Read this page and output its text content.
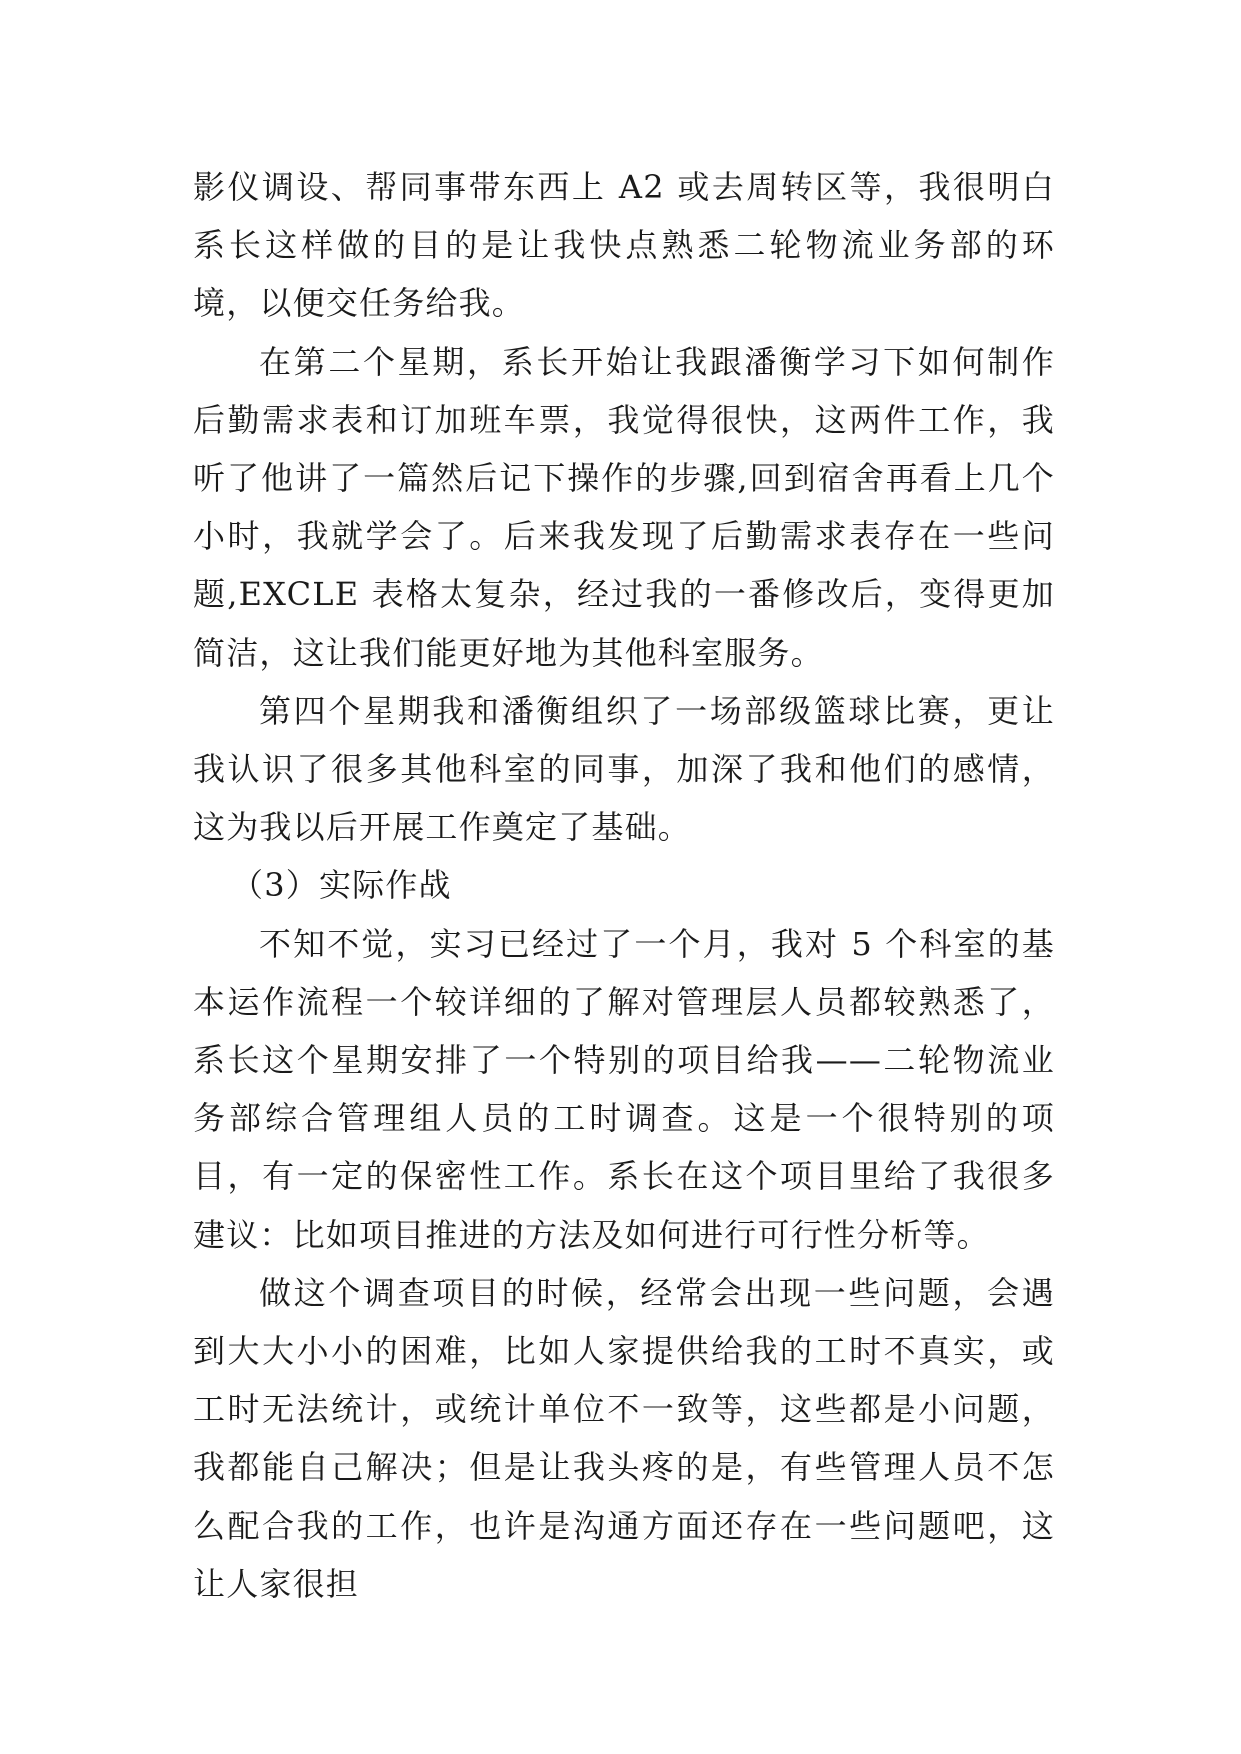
影仪调设、帮同事带东西上 A2 或去周转区等，我很明白系长这样做的目的是让我快点熟悉二轮物流业务部的环境，以便交任务给我。

在第二个星期，系长开始让我跟潘衡学习下如何制作后勤需求表和订加班车票，我觉得很快，这两件工作，我听了他讲了一篇然后记下操作的步骤,回到宿舍再看上几个小时，我就学会了。后来我发现了后勤需求表存在一些问题,EXCLE 表格太复杂，经过我的一番修改后，变得更加简洁，这让我们能更好地为其他科室服务。

第四个星期我和潘衡组织了一场部级篮球比赛，更让我认识了很多其他科室的同事，加深了我和他们的感情，这为我以后开展工作奠定了基础。

（3）实际作战

不知不觉，实习已经过了一个月，我对 5 个科室的基本运作流程一个较详细的了解对管理层人员都较熟悉了，系长这个星期安排了一个特别的项目给我——二轮物流业务部综合管理组人员的工时调查。这是一个很特别的项目，有一定的保密性工作。系长在这个项目里给了我很多建议：比如项目推进的方法及如何进行可行性分析等。

做这个调查项目的时候，经常会出现一些问题，会遇到大大小小的困难，比如人家提供给我的工时不真实，或工时无法统计，或统计单位不一致等，这些都是小问题，我都能自己解决；但是让我头疼的是，有些管理人员不怎么配合我的工作，也许是沟通方面还存在一些问题吧，这让人家很担
